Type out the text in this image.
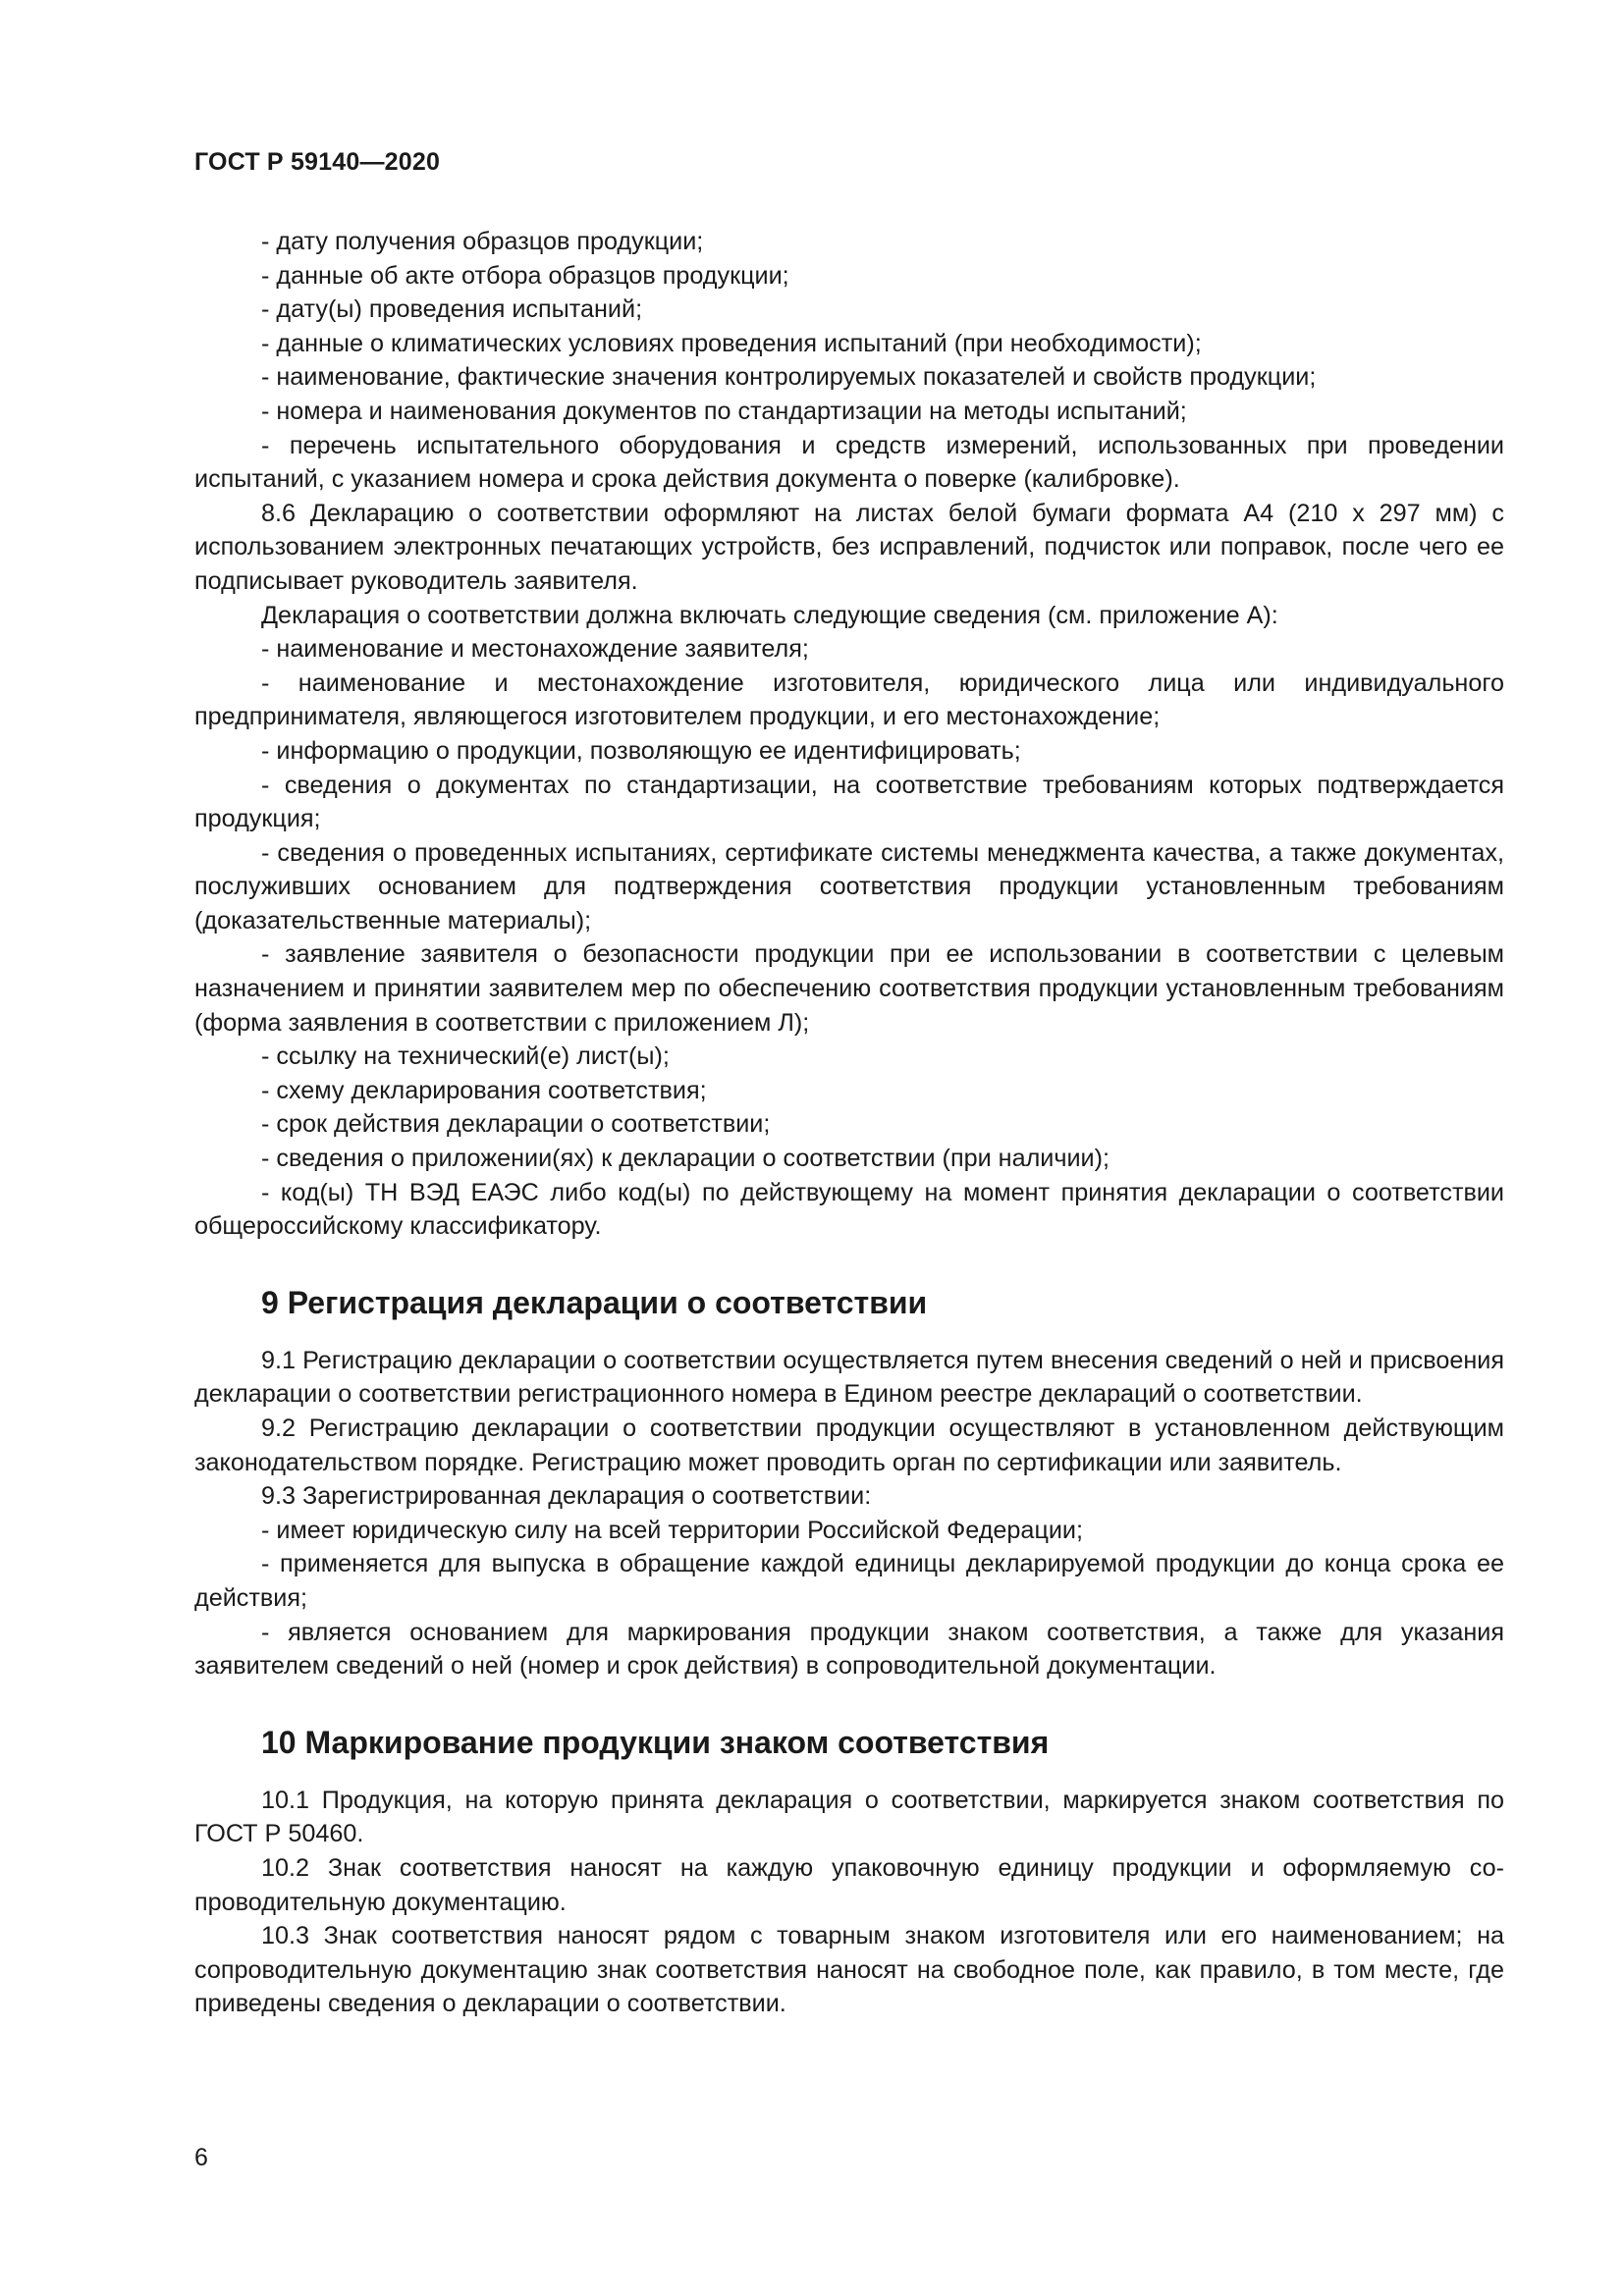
ГОСТ Р 59140—2020

- дату получения образцов продукции;

- данные об акте отбора образцов продукции;

- дату(ы) проведения испытаний;

- данные о климатических условиях проведения испытаний (при необходимости);

- наименование, фактические значения контролируемых показателей и свойств продукции;

- номера и наименования документов по стандартизации на методы испытаний;

- перечень испытательного оборудования и средств измерений, использованных при проведении испытаний, с указанием номера и срока действия документа о поверке (калибровке).

8.6 Декларацию о соответствии оформляют на листах белой бумаги формата А4 (210 х 297 мм) с использованием электронных печатающих устройств, без исправлений, подчисток или поправок, после чего ее подписывает руководитель заявителя.

Декларация о соответствии должна включать следующие сведения (см. приложение А):

- наименование и местонахождение заявителя;

- наименование и местонахождение изготовителя, юридического лица или индивидуального предпринимателя, являющегося изготовителем продукции, и его местонахождение;

- информацию о продукции, позволяющую ее идентифицировать;

- сведения о документах по стандартизации, на соответствие требованиям которых подтверждается продукция;

- сведения о проведенных испытаниях, сертификате системы менеджмента качества, а также документах, послуживших основанием для подтверждения соответствия продукции установленным требованиям (доказательственные материалы);

- заявление заявителя о безопасности продукции при ее использовании в соответствии с целевым назначением и принятии заявителем мер по обеспечению соответствия продукции установленным требованиям (форма заявления в соответствии с приложением Л);

- ссылку на технический(е) лист(ы);

- схему декларирования соответствия;

- срок действия декларации о соответствии;

- сведения о приложении(ях) к декларации о соответствии (при наличии);

- код(ы) ТН ВЭД ЕАЭС либо код(ы) по действующему на момент принятия декларации о соответствии общероссийскому классификатору.

9 Регистрация декларации о соответствии

9.1 Регистрацию декларации о соответствии осуществляется путем внесения сведений о ней и присвоения декларации о соответствии регистрационного номера в Едином реестре деклараций о соответствии.

9.2 Регистрацию декларации о соответствии продукции осуществляют в установленном действующим законодательством порядке. Регистрацию может проводить орган по сертификации или заявитель.

9.3 Зарегистрированная декларация о соответствии:

- имеет юридическую силу на всей территории Российской Федерации;

- применяется для выпуска в обращение каждой единицы декларируемой продукции до конца срока ее действия;

- является основанием для маркирования продукции знаком соответствия, а также для указания заявителем сведений о ней (номер и срок действия) в сопроводительной документации.

10 Маркирование продукции знаком соответствия

10.1 Продукция, на которую принята декларация о соответствии, маркируется знаком соответствия по ГОСТ Р 50460.

10.2 Знак соответствия наносят на каждую упаковочную единицу продукции и оформляемую сопроводительную документацию.

10.3 Знак соответствия наносят рядом с товарным знаком изготовителя или его наименованием; на сопроводительную документацию знак соответствия наносят на свободное поле, как правило, в том месте, где приведены сведения о декларации о соответствии.

6
